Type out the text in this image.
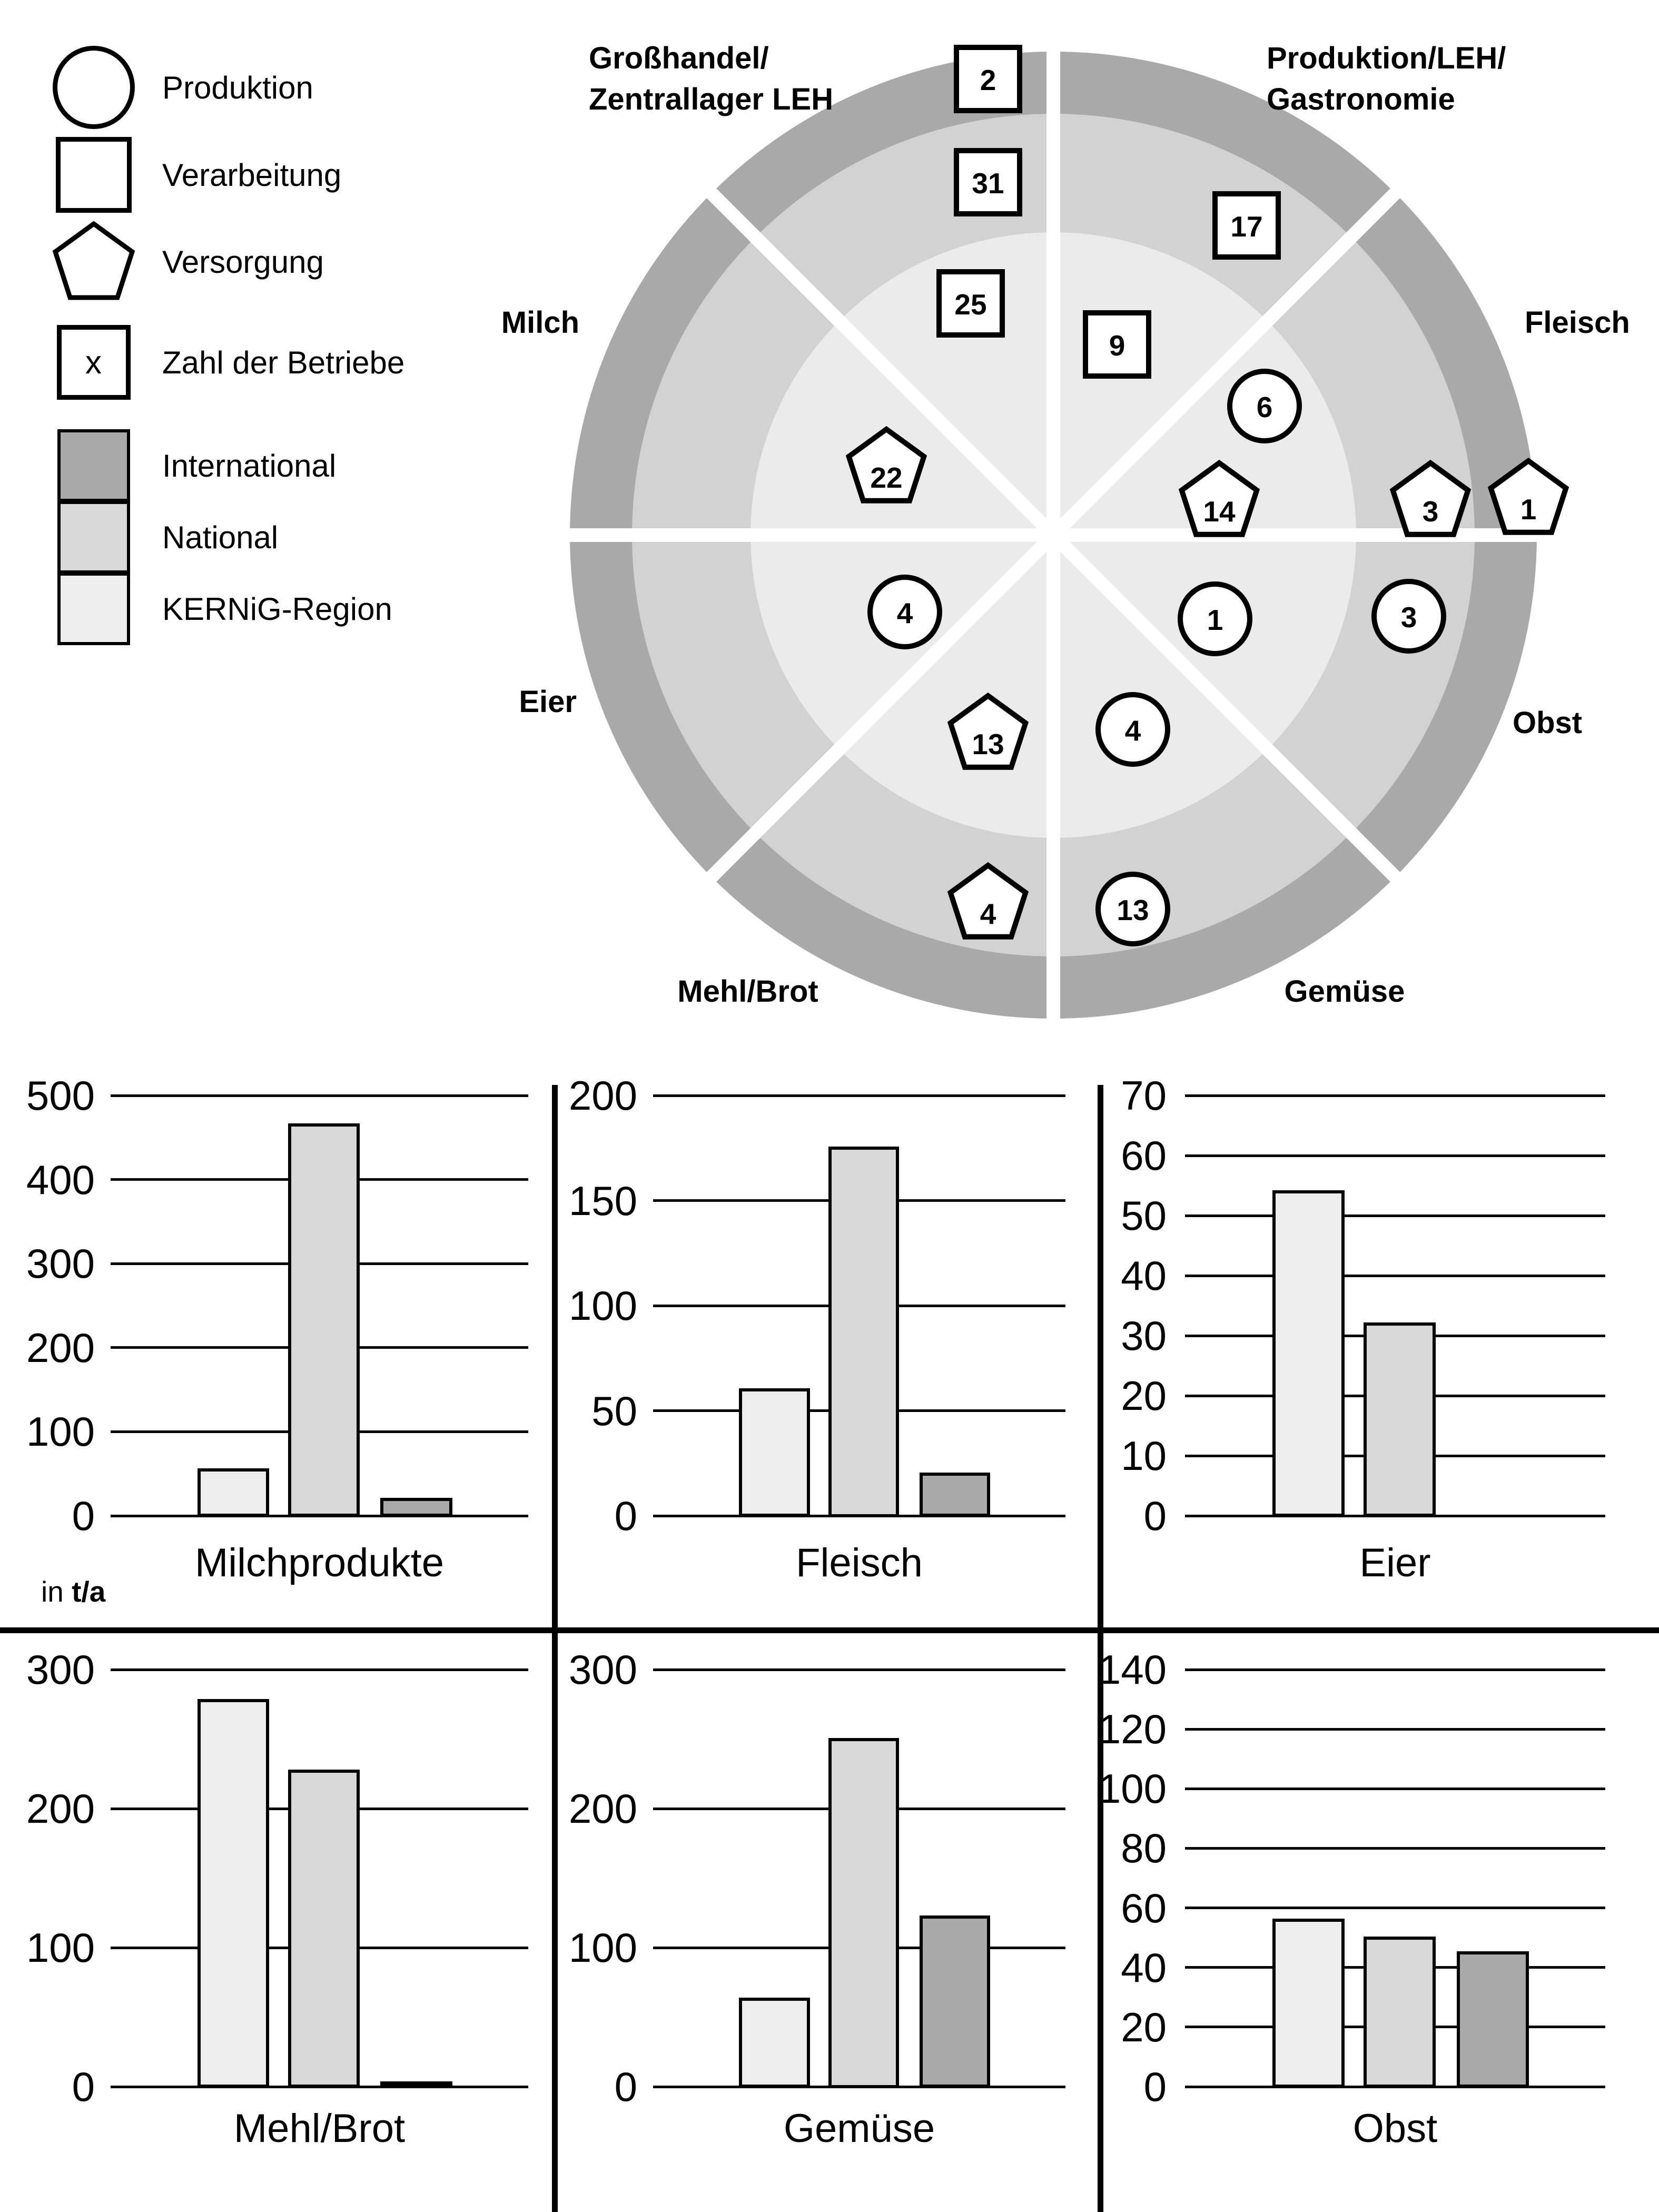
Produktion
Verarbeitung
Versorgung
x	Zahl der Betriebe
International
National
KERNiG-Region
Großhandel/
Zentrallager LEH
Produktion/LEH/
Gastronomie
Milch	Fleisch
Obst
Gemüse
Mehl/Brot
Eier
2
31
25
17
9
6
14	3	1
1	3
4
13
13
4
4
22
in t/a
0
100
200
300
400
500
Milchprodukte
0
50
100
150
200
Fleisch
0
10
20
30
40
50
60
70
Eier
0
100
200
300
Mehl/Brot
0
100
200
300
Gemüse
0
20
40
60
80
100
120
140
Obst
